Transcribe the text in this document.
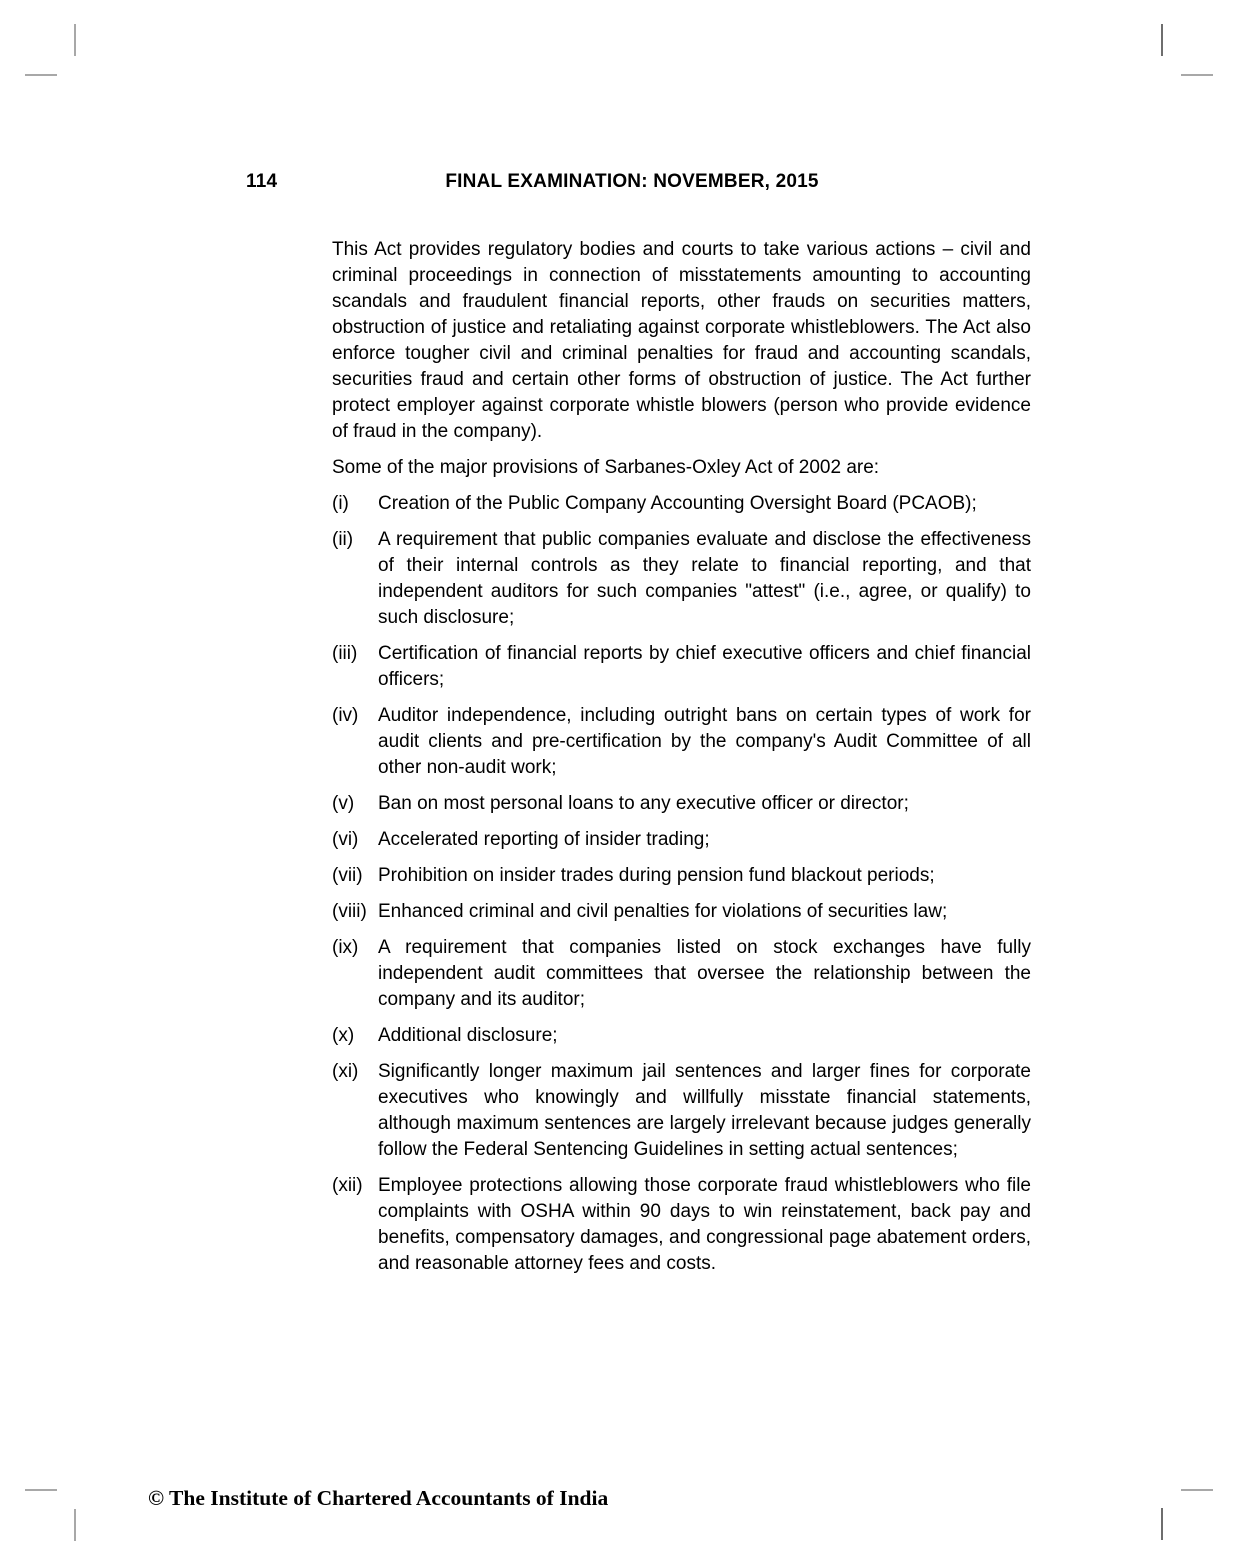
114	FINAL EXAMINATION: NOVEMBER, 2015

This Act provides regulatory bodies and courts to take various actions – civil and criminal proceedings in connection of misstatements amounting to accounting scandals and fraudulent financial reports, other frauds on securities matters, obstruction of justice and retaliating against corporate whistleblowers. The Act also enforce tougher civil and criminal penalties for fraud and accounting scandals, securities fraud and certain other forms of obstruction of justice. The Act further protect employer against corporate whistle blowers (person who provide evidence of fraud in the company).

Some of the major provisions of Sarbanes-Oxley Act of 2002 are:

(i)	Creation of the Public Company Accounting Oversight Board (PCAOB);
(ii)	A requirement that public companies evaluate and disclose the effectiveness of their internal controls as they relate to financial reporting, and that independent auditors for such companies "attest" (i.e., agree, or qualify) to such disclosure;
(iii)	Certification of financial reports by chief executive officers and chief financial officers;
(iv)	Auditor independence, including outright bans on certain types of work for audit clients and pre-certification by the company's Audit Committee of all other non-audit work;
(v)	Ban on most personal loans to any executive officer or director;
(vi)	Accelerated reporting of insider trading;
(vii) Prohibition on insider trades during pension fund blackout periods;
(viii) Enhanced criminal and civil penalties for violations of securities law;
(ix)	A requirement that companies listed on stock exchanges have fully independent audit committees that oversee the relationship between the company and its auditor;
(x)	Additional disclosure;
(xi)	Significantly longer maximum jail sentences and larger fines for corporate executives who knowingly and willfully misstate financial statements, although maximum sentences are largely irrelevant because judges generally follow the Federal Sentencing Guidelines in setting actual sentences;
(xii) Employee protections allowing those corporate fraud whistleblowers who file complaints with OSHA within 90 days to win reinstatement, back pay and benefits, compensatory damages, and congressional page abatement orders, and reasonable attorney fees and costs.
© The Institute of Chartered Accountants of India
